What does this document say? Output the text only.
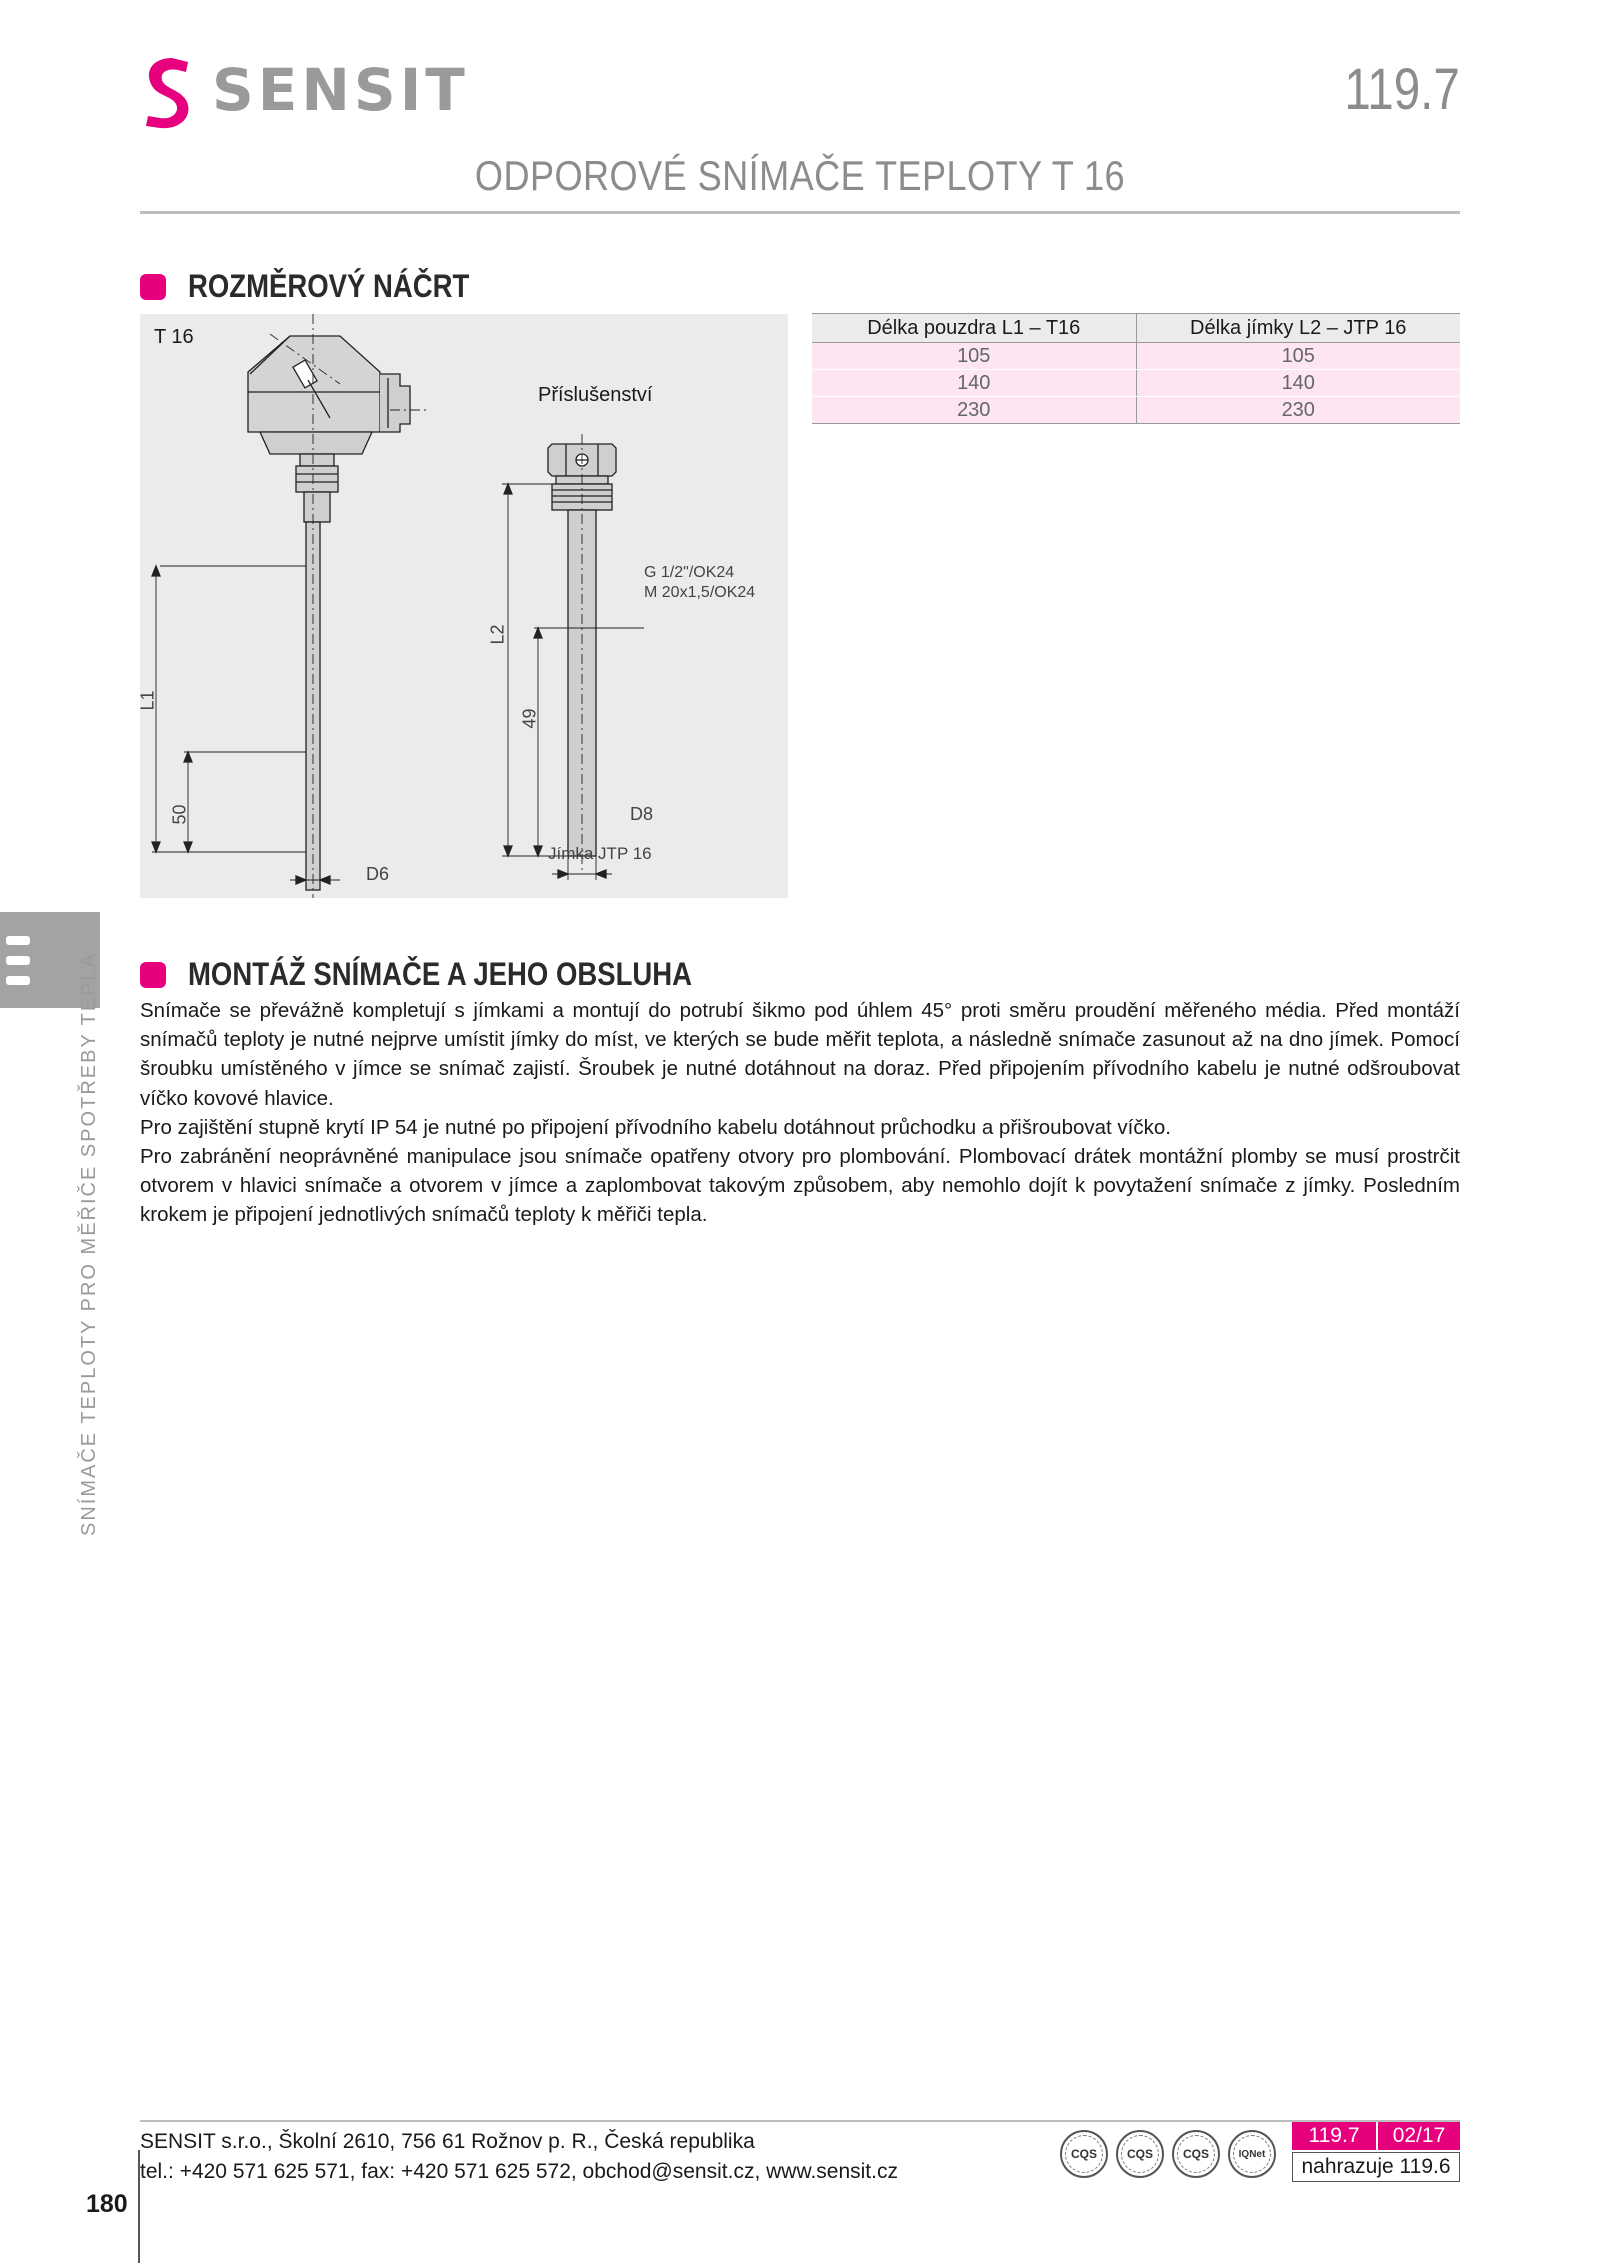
SENSIT	119.7
ODPOROVÉ SNÍMAČE TEPLOTY T 16
ROZMĚROVÝ NÁČRT
T 16
Příslušenství
G 1/2"/OK24
M 20x1,5/OK24
L1
L2
50
49
D6
D8
Jímka JTP 16
Délka pouzdra L1 – T16	Délka jímky L2 – JTP 16
105	105
140	140
230	230
MONTÁŽ SNÍMAČE A JEHO OBSLUHA

Snímače se převážně kompletují s jímkami a montují do potrubí šikmo pod úhlem 45° proti směru proudění měřeného média. Před montáží snímačů teploty je nutné nejprve umístit jímky do míst, ve kterých se bude měřit teplota, a následně snímače zasunout až na dno jímek. Pomocí šroubku umístěného v jímce se snímač zajistí. Šroubek je nutné dotáhnout na doraz. Před připojením přívodního kabelu je nutné odšroubovat víčko kovové hlavice.

Pro zajištění stupně krytí IP 54 je nutné po připojení přívodního kabelu dotáhnout průchodku a přišroubovat víčko.

Pro zabránění neoprávněné manipulace jsou snímače opatřeny otvory pro plombování. Plombovací drátek montážní plomby se musí prostrčit otvorem v hlavici snímače a otvorem v jímce a zaplombovat takovým způsobem, aby nemohlo dojít k povytažení snímače z jímky. Posledním krokem je připojení jednotlivých snímačů teploty k měřiči tepla.

SNÍMAČE TEPLOTY PRO MĚŘIČE SPOTŘEBY TEPLA
SENSIT s.r.o., Školní 2610, 756 61 Rožnov p. R., Česká republika
tel.: +420 571 625 571, fax: +420 571 625 572, obchod@sensit.cz, www.sensit.cz
CQS	CQS	CQS	IQNet
119.7	02/17
nahrazuje 119.6
180
